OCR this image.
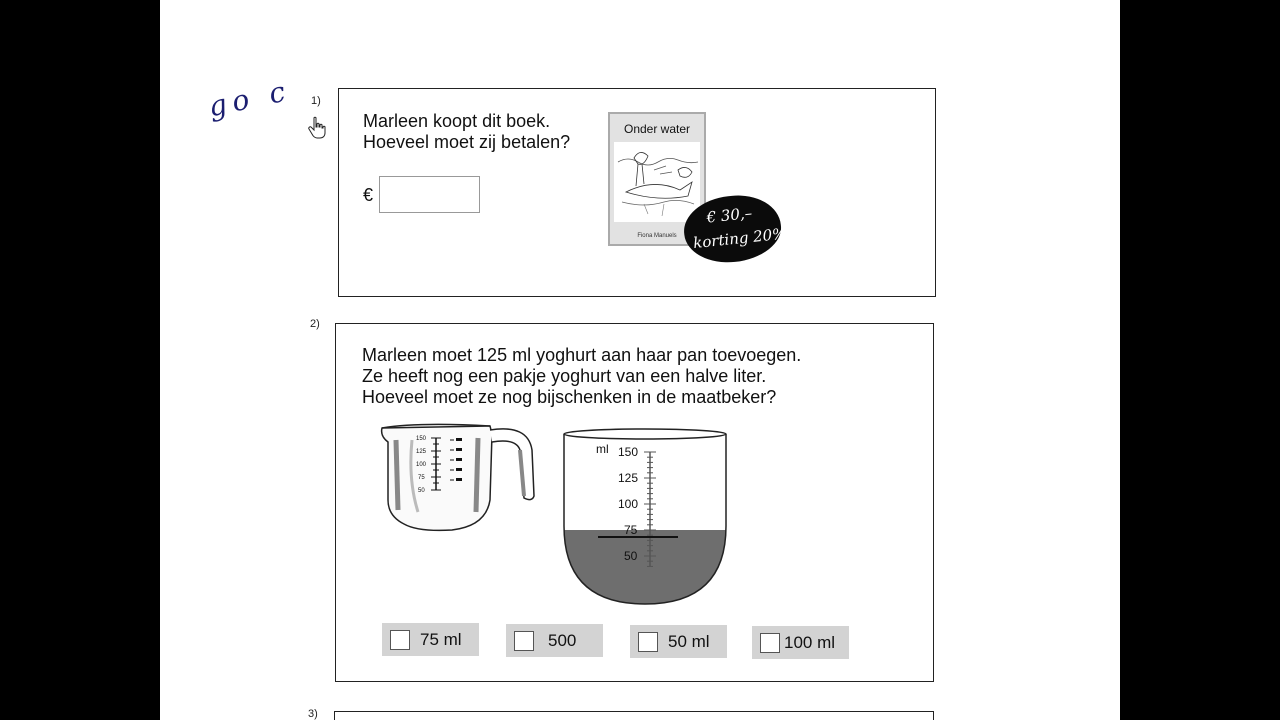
go c 1)
Marleen koopt dit boek.
Hoeveel moet zij betalen?
€
Onder water
Fiona Manuels
€ 30,–
korting 20%
2)
Marleen moet 125 ml yoghurt aan haar pan toevoegen.
Ze heeft nog een pakje yoghurt van een halve liter.
Hoeveel moet ze nog bijschenken in de maatbeker?
150
125
100
75
50
ml 150
125
100
75
50
75 ml	500	50 ml	100 ml
3)
